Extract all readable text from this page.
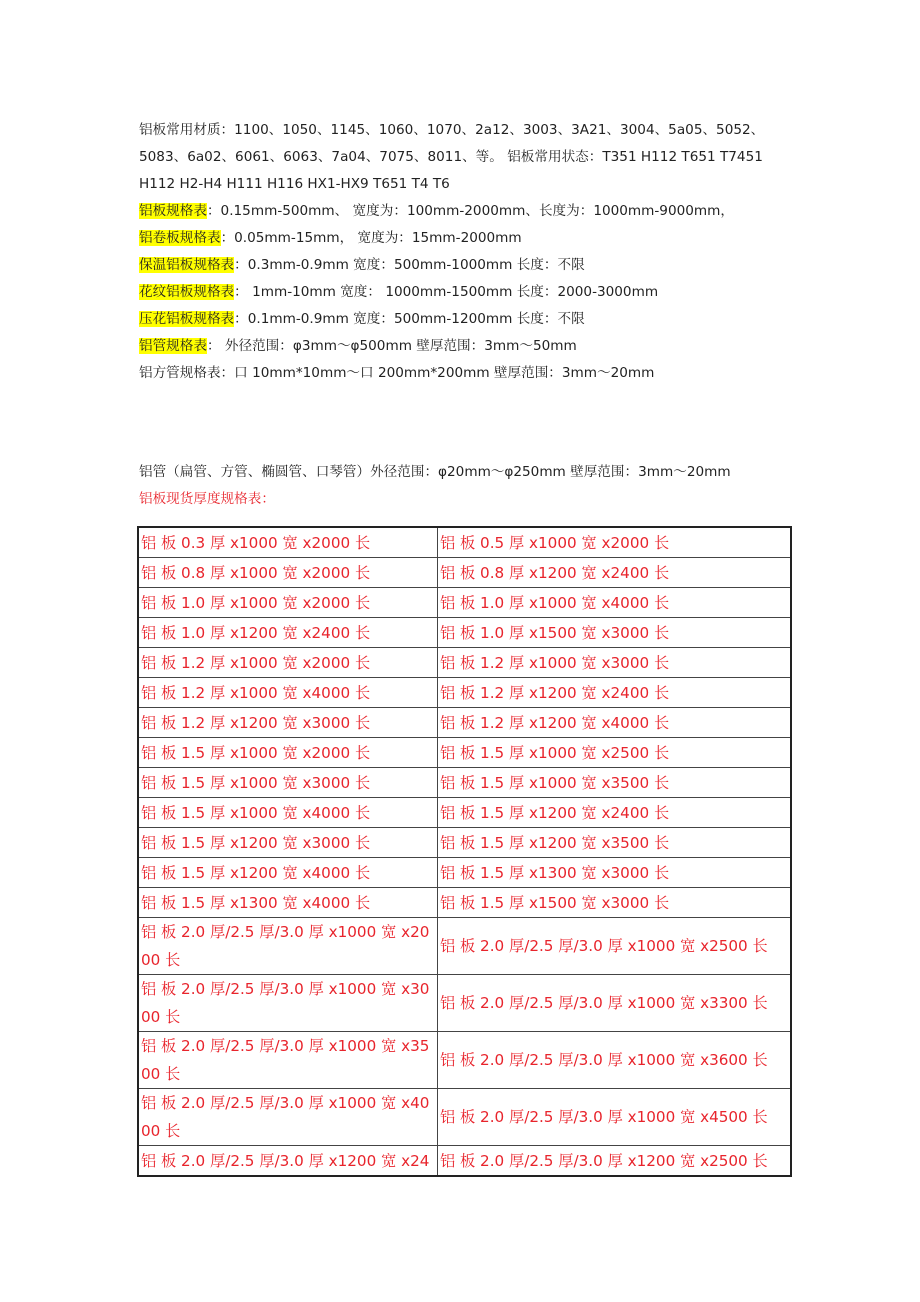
铝板常用材质：1100、1050、1145、1060、1070、2a12、3003、3A21、3004、5a05、5052、
5083、6a02、6061、6063、7a04、7075、8011、等。 铝板常用状态：T351 H112 T651 T7451
H112 H2-H4 H111 H116 HX1-HX9 T651 T4 T6
铝板规格表：0.15mm-500mm、 宽度为：100mm-2000mm、长度为：1000mm-9000mm，
铝卷板规格表：0.05mm-15mm， 宽度为：15mm-2000mm
保温铝板规格表：0.3mm-0.9mm 宽度：500mm-1000mm 长度：不限
花纹铝板规格表： 1mm-10mm 宽度： 1000mm-1500mm 长度：2000-3000mm
压花铝板规格表：0.1mm-0.9mm 宽度：500mm-1200mm 长度：不限
铝管规格表： 外径范围：φ3mm～φ500mm 壁厚范围：3mm～50mm
铝方管规格表：口 10mm*10mm～口 200mm*200mm 壁厚范围：3mm～20mm
铝管（扁管、方管、椭圆管、口琴管）外径范围：φ20mm～φ250mm 壁厚范围：3mm～20mm
铝板现货厚度规格表：
铝 板 0.3 厚 x1000 宽 x2000 长	铝 板 0.5 厚 x1000 宽 x2000 长

铝 板 0.8 厚 x1000 宽 x2000 长	铝 板 0.8 厚 x1200 宽 x2400 长

铝 板 1.0 厚 x1000 宽 x2000 长	铝 板 1.0 厚 x1000 宽 x4000 长

铝 板 1.0 厚 x1200 宽 x2400 长	铝 板 1.0 厚 x1500 宽 x3000 长

铝 板 1.2 厚 x1000 宽 x2000 长	铝 板 1.2 厚 x1000 宽 x3000 长

铝 板 1.2 厚 x1000 宽 x4000 长	铝 板 1.2 厚 x1200 宽 x2400 长

铝 板 1.2 厚 x1200 宽 x3000 长	铝 板 1.2 厚 x1200 宽 x4000 长

铝 板 1.5 厚 x1000 宽 x2000 长	铝 板 1.5 厚 x1000 宽 x2500 长

铝 板 1.5 厚 x1000 宽 x3000 长	铝 板 1.5 厚 x1000 宽 x3500 长

铝 板 1.5 厚 x1000 宽 x4000 长	铝 板 1.5 厚 x1200 宽 x2400 长

铝 板 1.5 厚 x1200 宽 x3000 长	铝 板 1.5 厚 x1200 宽 x3500 长

铝 板 1.5 厚 x1200 宽 x4000 长	铝 板 1.5 厚 x1300 宽 x3000 长

铝 板 1.5 厚 x1300 宽 x4000 长	铝 板 1.5 厚 x1500 宽 x3000 长

铝 板 2.0 厚/2.5 厚/3.0 厚 x1000 宽 x2000 长	铝 板 2.0 厚/2.5 厚/3.0 厚 x1000 宽 x2500 长

铝 板 2.0 厚/2.5 厚/3.0 厚 x1000 宽 x3000 长	铝 板 2.0 厚/2.5 厚/3.0 厚 x1000 宽 x3300 长

铝 板 2.0 厚/2.5 厚/3.0 厚 x1000 宽 x3500 长	铝 板 2.0 厚/2.5 厚/3.0 厚 x1000 宽 x3600 长

铝 板 2.0 厚/2.5 厚/3.0 厚 x1000 宽 x4000 长	铝 板 2.0 厚/2.5 厚/3.0 厚 x1000 宽 x4500 长

铝 板 2.0 厚/2.5 厚/3.0 厚 x1200 宽 x24	铝 板 2.0 厚/2.5 厚/3.0 厚 x1200 宽 x2500 长
